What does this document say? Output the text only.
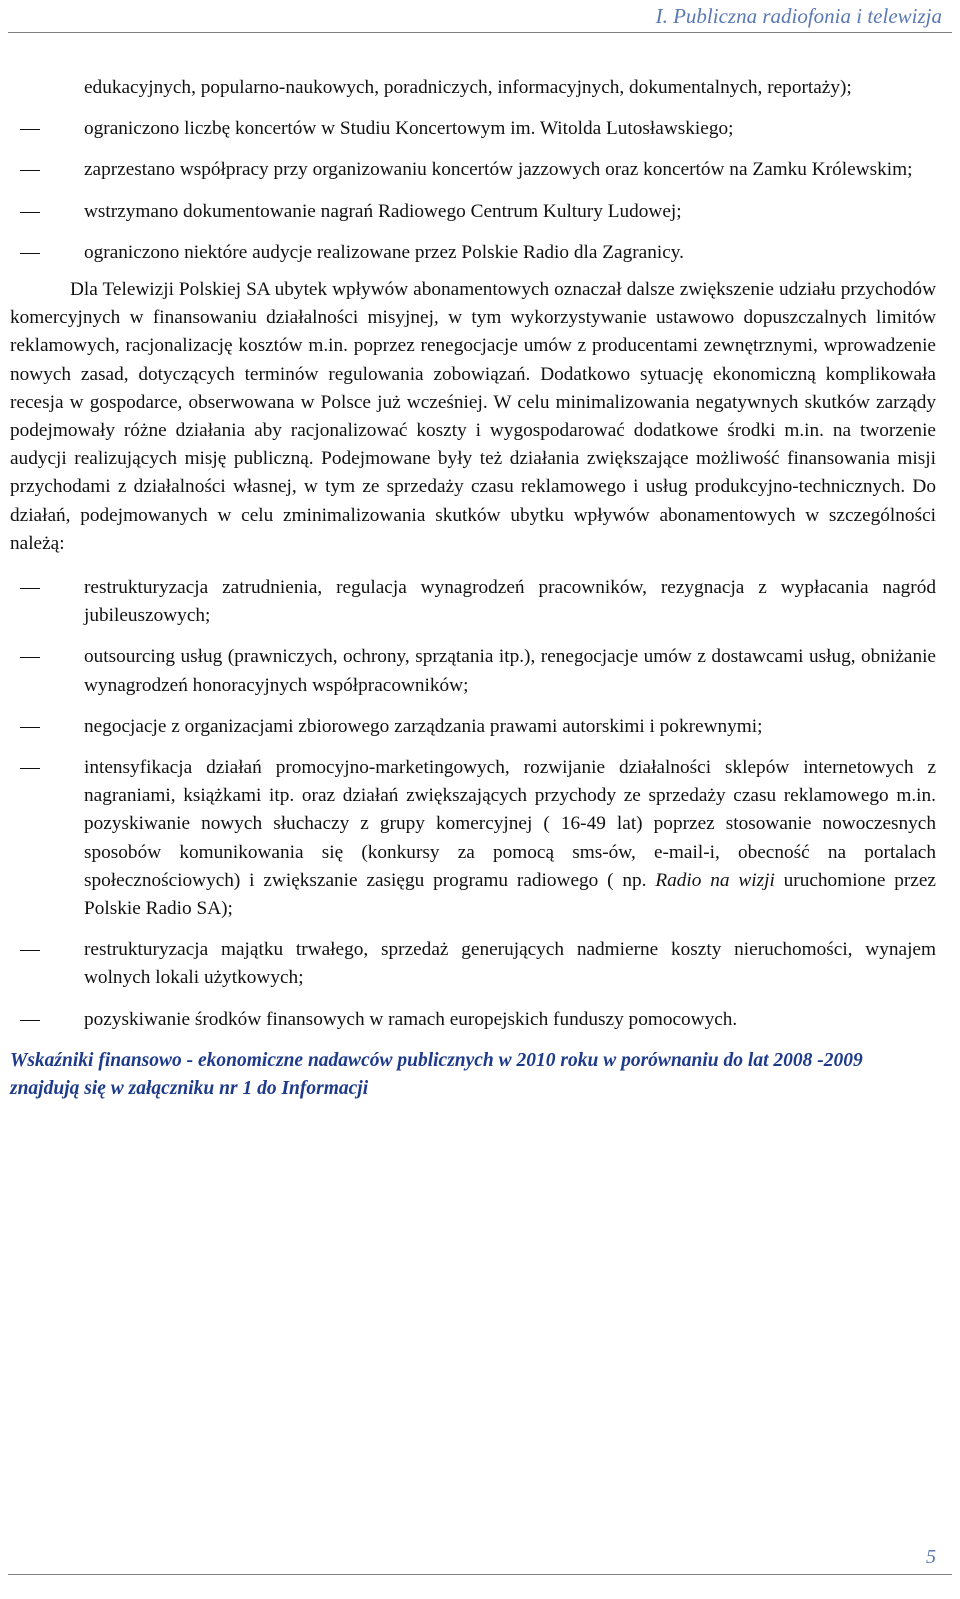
I. Publiczna radiofonia i telewizja
edukacyjnych, popularno-naukowych, poradniczych, informacyjnych, dokumentalnych, reportaży);
ograniczono liczbę koncertów w Studiu Koncertowym im. Witolda Lutosławskiego;
zaprzestano współpracy przy organizowaniu koncertów jazzowych oraz koncertów na Zamku Królewskim;
wstrzymano dokumentowanie nagrań Radiowego Centrum Kultury Ludowej;
ograniczono niektóre audycje realizowane przez Polskie Radio dla Zagranicy.
Dla Telewizji Polskiej SA ubytek wpływów abonamentowych oznaczał dalsze zwiększenie udziału przychodów komercyjnych w finansowaniu działalności misyjnej, w tym wykorzystywanie ustawowo dopuszczalnych limitów reklamowych, racjonalizację kosztów m.in. poprzez renegocjacje umów z producentami zewnętrznymi, wprowadzenie nowych zasad, dotyczących terminów regulowania zobowiązań. Dodatkowo sytuację ekonomiczną komplikowała recesja w gospodarce, obserwowana w Polsce już wcześniej. W celu minimalizowania negatywnych skutków zarządy podejmowały różne działania aby racjonalizować koszty i wygospodarować dodatkowe środki m.in. na tworzenie audycji realizujących misję publiczną. Podejmowane były też działania zwiększające możliwość finansowania misji przychodami z działalności własnej, w tym ze sprzedaży czasu reklamowego i usług produkcyjno-technicznych. Do działań, podejmowanych w celu zminimalizowania skutków ubytku wpływów abonamentowych w szczególności należą:
restrukturyzacja zatrudnienia, regulacja wynagrodzeń pracowników, rezygnacja z wypłacania nagród jubileuszowych;
outsourcing usług (prawniczych, ochrony, sprzątania itp.), renegocjacje umów z dostawcami usług, obniżanie wynagrodzeń honoracyjnych współpracowników;
negocjacje z organizacjami zbiorowego zarządzania prawami autorskimi i pokrewnymi;
intensyfikacja działań promocyjno-marketingowych, rozwijanie działalności sklepów internetowych z nagraniami, książkami itp. oraz działań zwiększających przychody ze sprzedaży czasu reklamowego m.in. pozyskiwanie nowych słuchaczy z grupy komercyjnej ( 16-49 lat) poprzez stosowanie nowoczesnych sposobów komunikowania się (konkursy za pomocą sms-ów, e-mail-i, obecność na portalach społecznościowych) i zwiększanie zasięgu programu radiowego ( np. Radio na wizji uruchomione przez Polskie Radio SA);
restrukturyzacja majątku trwałego, sprzedaż generujących nadmierne koszty nieruchomości, wynajem wolnych lokali użytkowych;
pozyskiwanie środków finansowych w ramach europejskich funduszy pomocowych.
Wskaźniki finansowo - ekonomiczne nadawców publicznych w 2010 roku w porównaniu do lat 2008 -2009 znajdują się w załączniku nr 1 do Informacji
5
